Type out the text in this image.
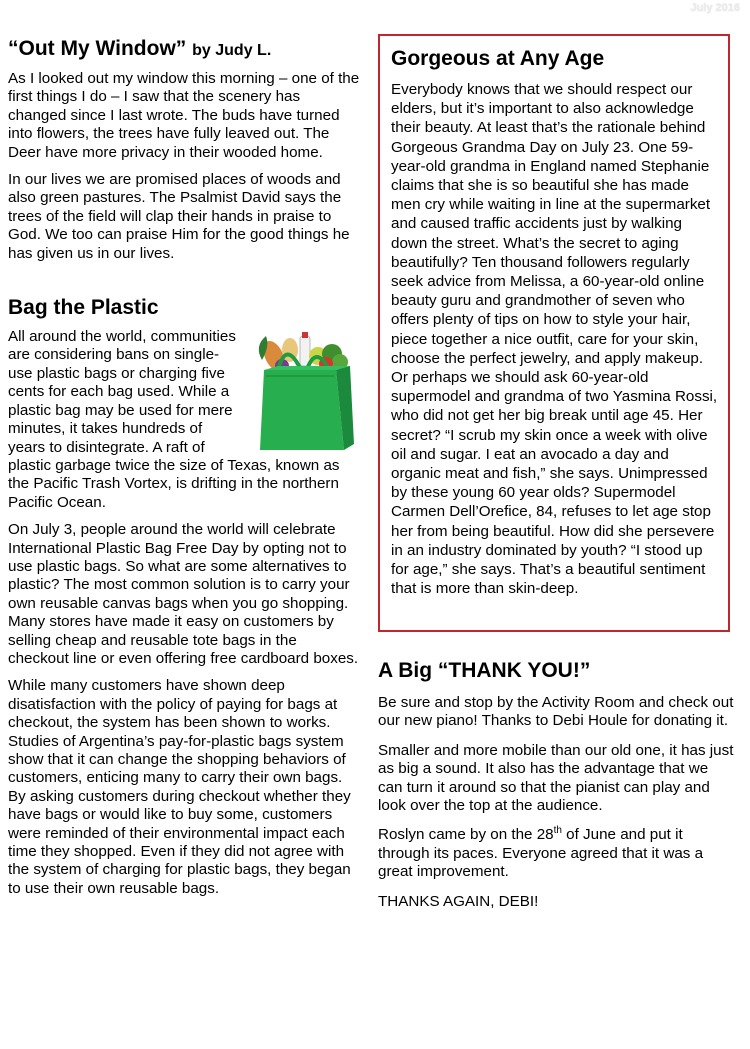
July 2016
“Out My Window” by Judy L.

As I looked out my window this morning – one of the first things I do – I saw that the scenery has changed since I last wrote. The buds have turned into flowers, the trees have fully leaved out. The Deer have more privacy in their wooded home.

In our lives we are promised places of woods and also green pastures. The Psalmist David says the trees of the field will clap their hands in praise to God. We too can praise Him for the good things he has given us in our lives.

Bag the Plastic

All around the world, communities are considering bans on single-use plastic bags or charging five cents for each bag used. While a plastic bag may be used for mere minutes, it takes hundreds of years to disintegrate. A raft of plastic garbage twice the size of Texas, known as the Pacific Trash Vortex, is drifting in the northern Pacific Ocean.

On July 3, people around the world will celebrate International Plastic Bag Free Day by opting not to use plastic bags. So what are some alternatives to plastic? The most common solution is to carry your own reusable canvas bags when you go shopping. Many stores have made it easy on customers by selling cheap and reusable tote bags in the checkout line or even offering free cardboard boxes.

While many customers have shown deep disatisfaction with the policy of paying for bags at checkout, the system has been shown to works. Studies of Argentina’s pay-for-plastic bags system show that it can change the shopping behaviors of customers, enticing many to carry their own bags. By asking customers during checkout whether they have bags or would like to buy some, customers were reminded of their environmental impact each time they shopped. Even if they did not agree with the system of charging for plastic bags, they began to use their own reusable bags.

Gorgeous at Any Age

Everybody knows that we should respect our elders, but it’s important to also acknowledge their beauty. At least that’s the rationale behind Gorgeous Grandma Day on July 23. One 59-year-old grandma in England named Stephanie claims that she is so beautiful she has made men cry while waiting in line at the supermarket and caused traffic accidents just by walking down the street. What’s the secret to aging beautifully? Ten thousand followers regularly seek advice from Melissa, a 60-year-old online beauty guru and grandmother of seven who offers plenty of tips on how to style your hair, piece together a nice outfit, care for your skin, choose the perfect jewelry, and apply makeup. Or perhaps we should ask 60-year-old supermodel and grandma of two Yasmina Rossi, who did not get her big break until age 45. Her secret? “I scrub my skin once a week with olive oil and sugar. I eat an avocado a day and organic meat and fish,” she says. Unimpressed by these young 60 year olds? Supermodel Carmen Dell’Orefice, 84, refuses to let age stop her from being beautiful. How did she persevere in an industry dominated by youth? “I stood up for age,” she says. That’s a beautiful sentiment that is more than skin-deep.

A Big “THANK YOU!”

Be sure and stop by the Activity Room and check out our new piano! Thanks to Debi Houle for donating it.

Smaller and more mobile than our old one, it has just as big a sound. It also has the advantage that we can turn it around so that the pianist can play and look over the top at the audience.

Roslyn came by on the 28th of June and put it through its paces. Everyone agreed that it was a great improvement.

THANKS AGAIN, DEBI!
